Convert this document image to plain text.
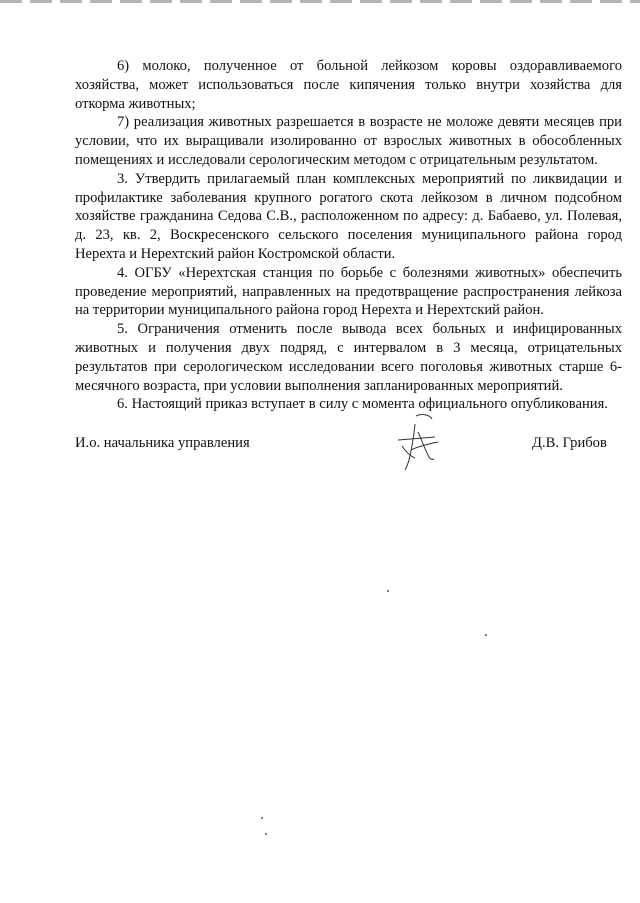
6) молоко, полученное от больной лейкозом коровы оздоравливаемого хозяйства, может использоваться после кипячения только внутри хозяйства для откорма животных;

7) реализация животных разрешается в возрасте не моложе девяти месяцев при условии, что их выращивали изолированно от взрослых животных в обособленных помещениях и исследовали серологическим методом с отрицательным результатом.

3. Утвердить прилагаемый план комплексных мероприятий по ликвидации и профилактике заболевания крупного рогатого скота лейкозом в личном подсобном хозяйстве гражданина Седова С.В., расположенном по адресу: д. Бабаево, ул. Полевая, д. 23, кв. 2, Воскресенского сельского поселения муниципального района город Нерехта и Нерехтский район Костромской области.

4. ОГБУ «Нерехтская станция по борьбе с болезнями животных» обеспечить проведение мероприятий, направленных на предотвращение распространения лейкоза на территории муниципального района город Нерехта и Нерехтский район.

5. Ограничения отменить после вывода всех больных и инфицированных животных и получения двух подряд, с интервалом в 3 месяца, отрицательных результатов при серологическом исследовании всего поголовья животных старше 6-месячного возраста, при условии выполнения запланированных мероприятий.

6. Настоящий приказ вступает в силу с момента официального опубликования.

И.о. начальника управления	Д.В. Грибов
